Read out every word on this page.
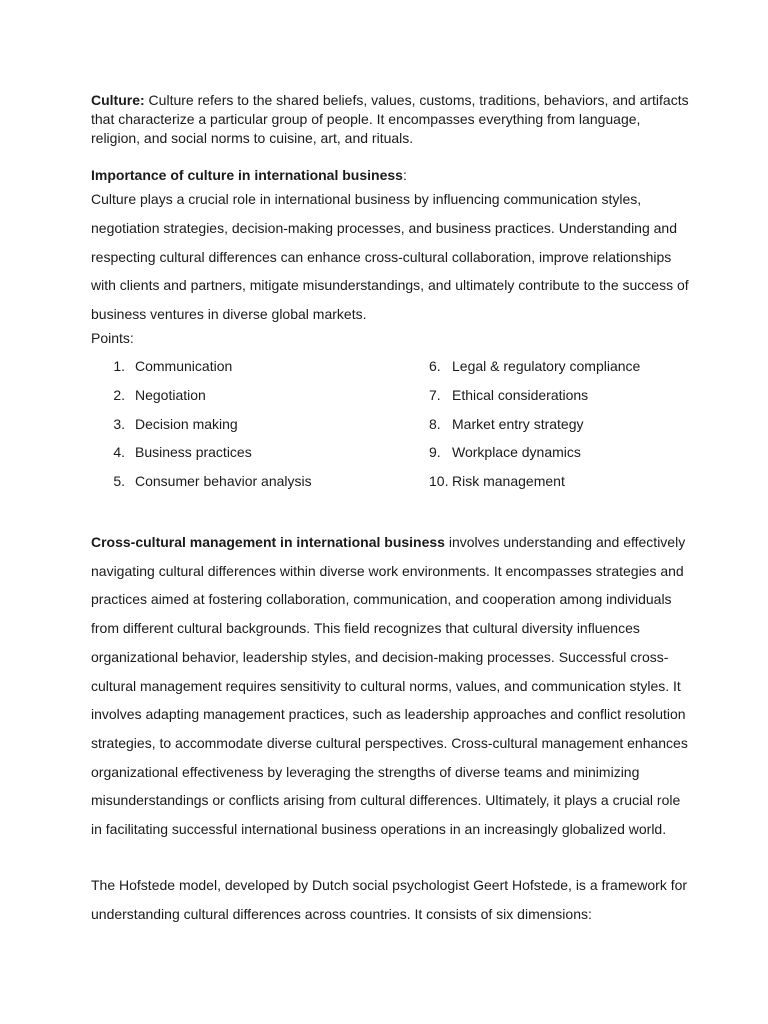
Culture: Culture refers to the shared beliefs, values, customs, traditions, behaviors, and artifacts that characterize a particular group of people. It encompasses everything from language, religion, and social norms to cuisine, art, and rituals.

Importance of culture in international business:

Culture plays a crucial role in international business by influencing communication styles, negotiation strategies, decision-making processes, and business practices. Understanding and respecting cultural differences can enhance cross-cultural collaboration, improve relationships with clients and partners, mitigate misunderstandings, and ultimately contribute to the success of business ventures in diverse global markets.

Points:

1. Communication
2. Negotiation
3. Decision making
4. Business practices
5. Consumer behavior analysis
6. Legal & regulatory compliance
7. Ethical considerations
8. Market entry strategy
9. Workplace dynamics
10. Risk management

Cross-cultural management in international business involves understanding and effectively navigating cultural differences within diverse work environments. It encompasses strategies and practices aimed at fostering collaboration, communication, and cooperation among individuals from different cultural backgrounds. This field recognizes that cultural diversity influences organizational behavior, leadership styles, and decision-making processes. Successful cross-cultural management requires sensitivity to cultural norms, values, and communication styles. It involves adapting management practices, such as leadership approaches and conflict resolution strategies, to accommodate diverse cultural perspectives. Cross-cultural management enhances organizational effectiveness by leveraging the strengths of diverse teams and minimizing misunderstandings or conflicts arising from cultural differences. Ultimately, it plays a crucial role in facilitating successful international business operations in an increasingly globalized world.

The Hofstede model, developed by Dutch social psychologist Geert Hofstede, is a framework for understanding cultural differences across countries. It consists of six dimensions:
